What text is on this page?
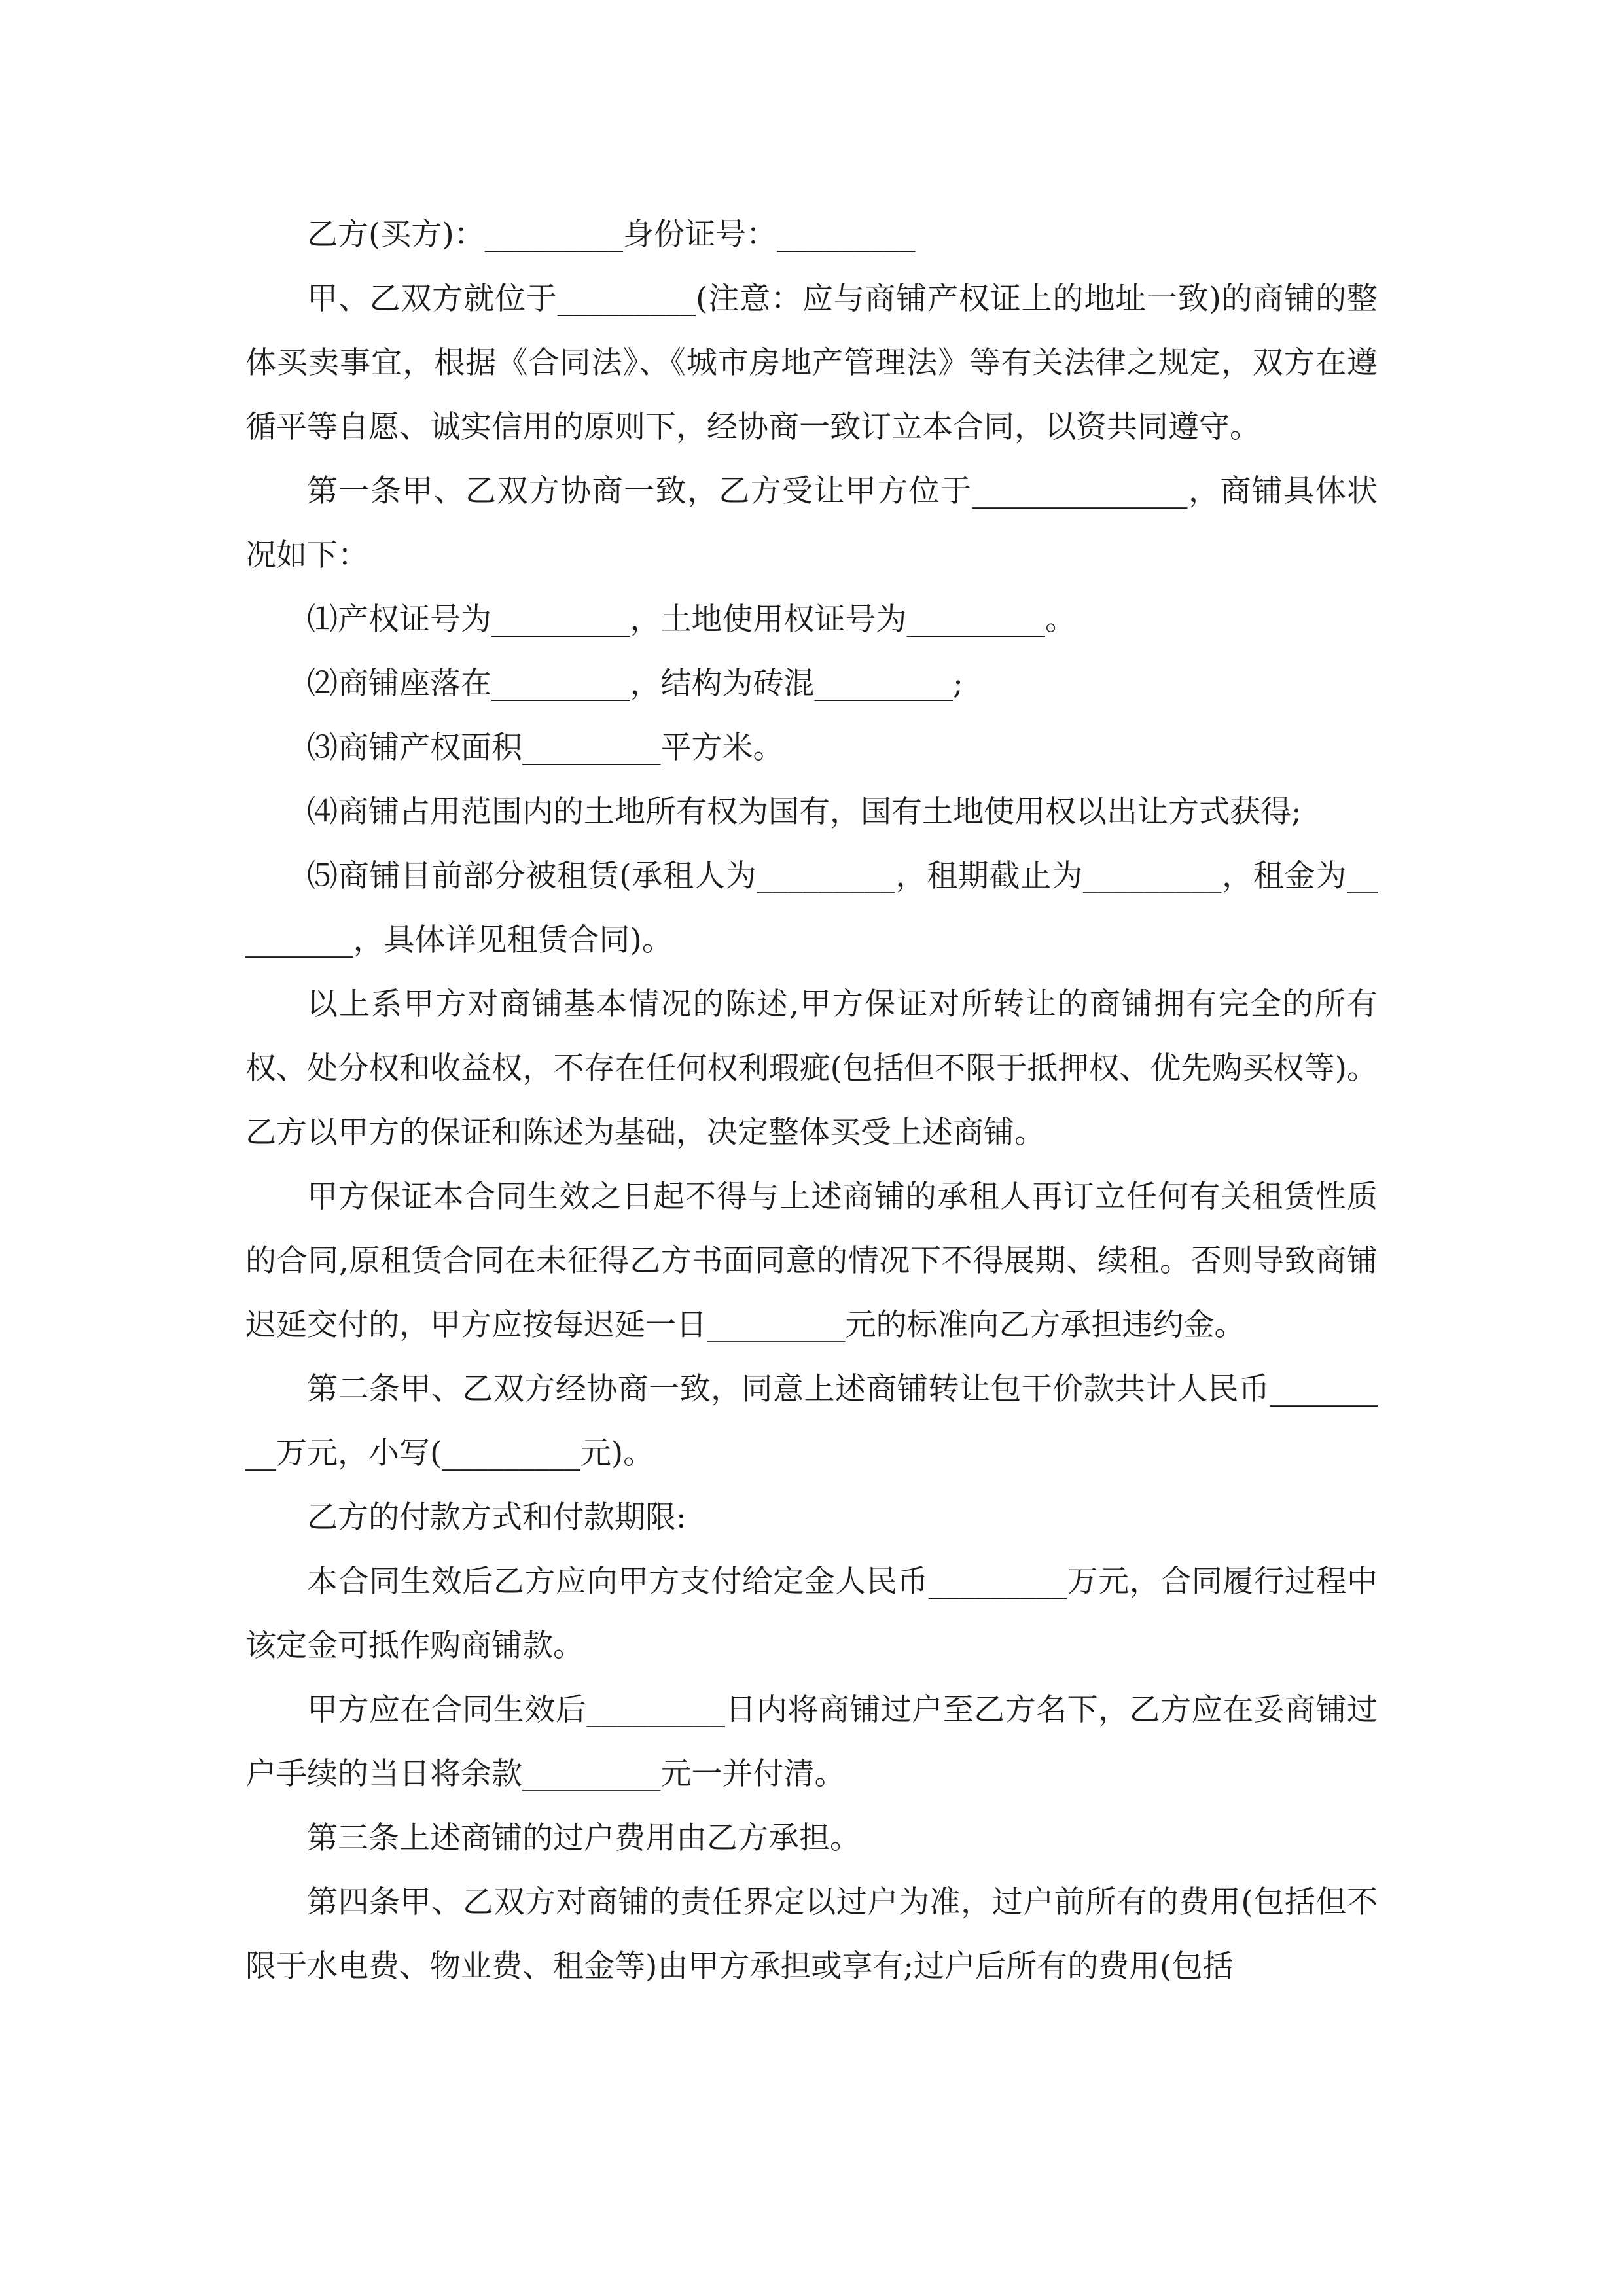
乙方(买方)：_________身份证号：_________

甲、乙双方就位于_________(注意：应与商铺产权证上的地址一致)的商铺的整体买卖事宜，根据《合同法》、《城市房地产管理法》等有关法律之规定，双方在遵循平等自愿、诚实信用的原则下，经协商一致订立本合同，以资共同遵守。

第一条甲、乙双方协商一致，乙方受让甲方位于______________，商铺具体状况如下：

⑴产权证号为_________，土地使用权证号为_________。

⑵商铺座落在_________，结构为砖混_________;

⑶商铺产权面积_________平方米。

⑷商铺占用范围内的土地所有权为国有，国有土地使用权以出让方式获得;

⑸商铺目前部分被租赁(承租人为_________，租期截止为_________，租金为_________，具体详见租赁合同)。

以上系甲方对商铺基本情况的陈述,甲方保证对所转让的商铺拥有完全的所有权、处分权和收益权，不存在任何权利瑕疵(包括但不限于抵押权、优先购买权等)。乙方以甲方的保证和陈述为基础，决定整体买受上述商铺。

甲方保证本合同生效之日起不得与上述商铺的承租人再订立任何有关租赁性质的合同,原租赁合同在未征得乙方书面同意的情况下不得展期、续租。否则导致商铺迟延交付的，甲方应按每迟延一日_________元的标准向乙方承担违约金。

第二条甲、乙双方经协商一致，同意上述商铺转让包干价款共计人民币_________万元，小写(_________元)。

乙方的付款方式和付款期限:

本合同生效后乙方应向甲方支付给定金人民币_________万元，合同履行过程中该定金可抵作购商铺款。

甲方应在合同生效后_________日内将商铺过户至乙方名下，乙方应在妥商铺过户手续的当日将余款_________元一并付清。

第三条上述商铺的过户费用由乙方承担。

第四条甲、乙双方对商铺的责任界定以过户为准，过户前所有的费用(包括但不限于水电费、物业费、租金等)由甲方承担或享有;过户后所有的费用(包括
